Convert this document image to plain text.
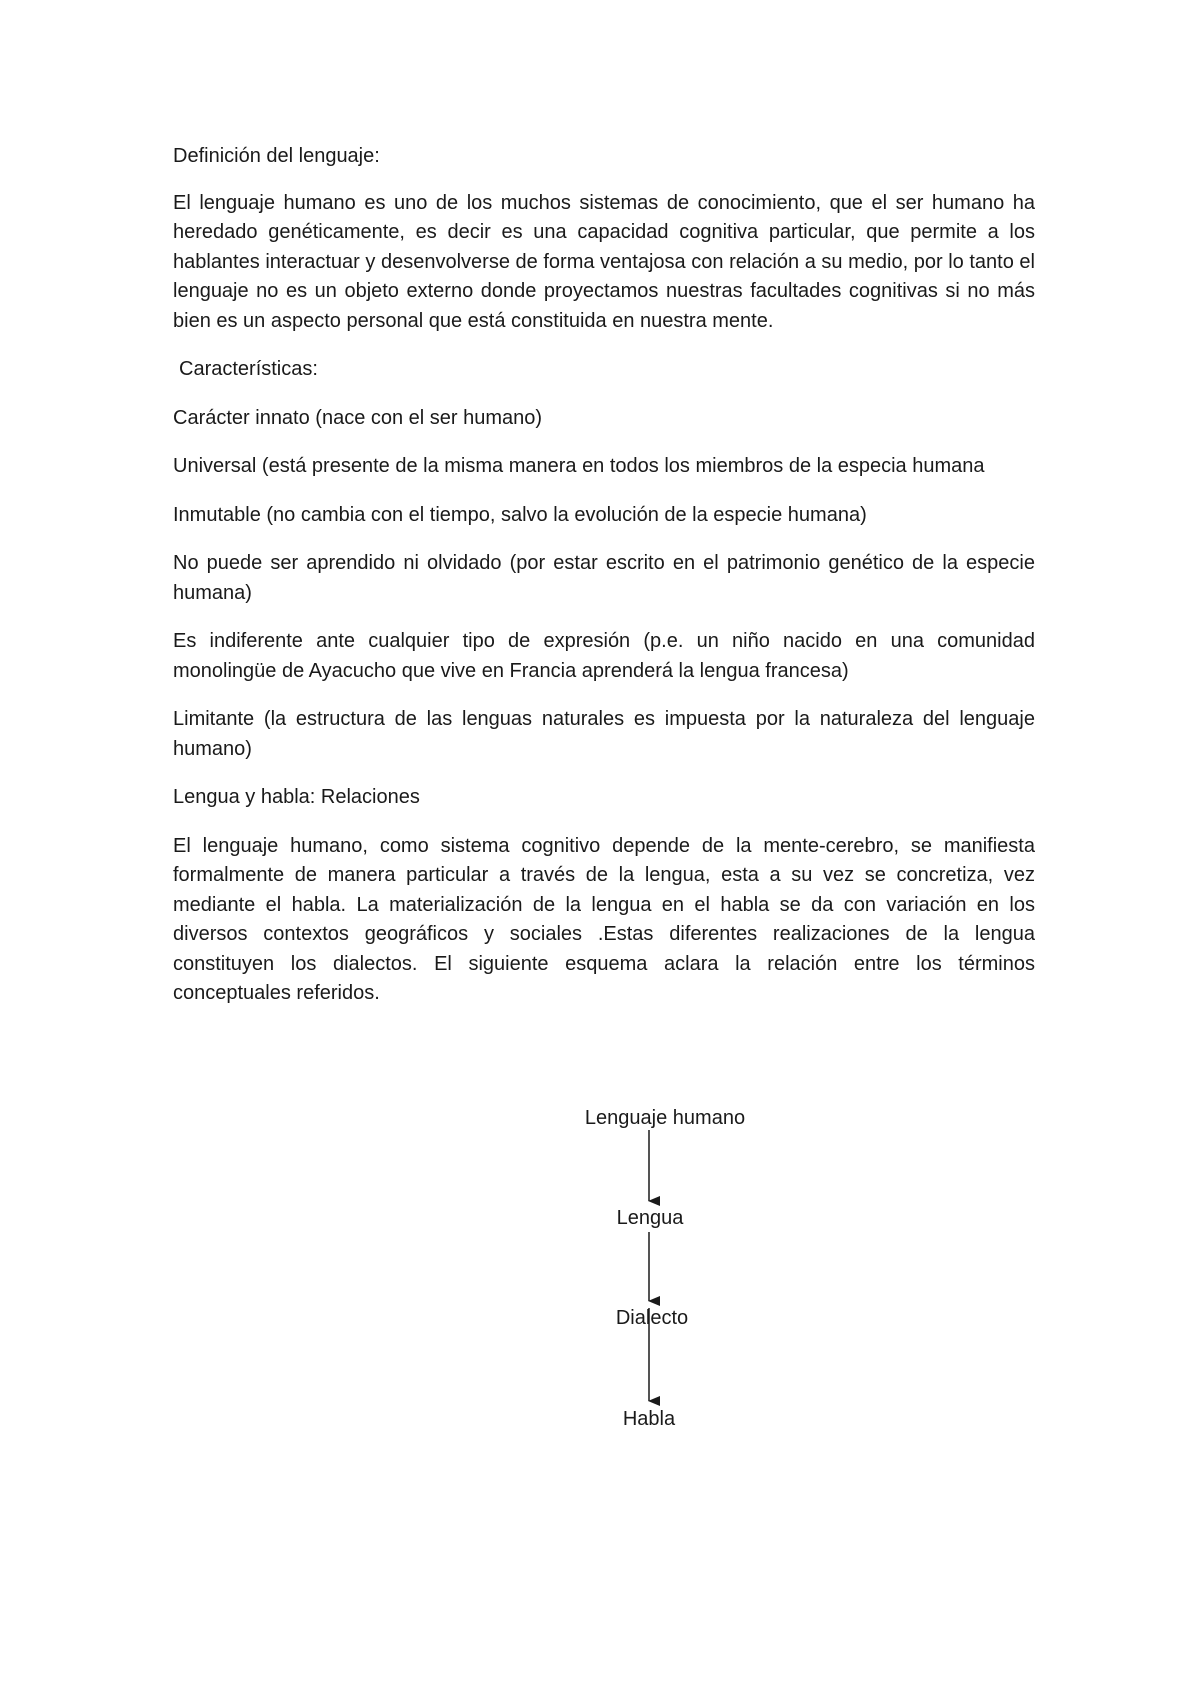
Definición del lenguaje:

El lenguaje humano es uno de los muchos sistemas de conocimiento, que el ser humano ha heredado genéticamente, es decir es una capacidad cognitiva particular, que permite a los hablantes interactuar y desenvolverse de forma ventajosa con relación a su medio, por lo tanto el lenguaje no es un objeto externo donde proyectamos nuestras facultades cognitivas si no más bien es un aspecto personal que está constituida en nuestra mente.

Características:

Carácter innato (nace con el ser humano)

Universal (está presente de la misma manera en todos los miembros de la especia humana

Inmutable (no cambia con el tiempo, salvo la evolución de la especie humana)

No puede ser aprendido ni olvidado (por estar escrito en el patrimonio genético de la especie humana)

Es indiferente ante cualquier tipo de expresión (p.e. un niño nacido en una comunidad monolingüe de Ayacucho que vive en Francia aprenderá la lengua francesa)

Limitante (la estructura de las lenguas naturales es impuesta por la naturaleza del lenguaje humano)

Lengua y habla: Relaciones

El lenguaje humano, como sistema cognitivo depende de la mente-cerebro, se manifiesta formalmente de manera particular a través de la lengua, esta a su vez se concretiza, vez mediante el habla. La materialización de la lengua en el habla se da con variación en los diversos contextos geográficos y sociales .Estas diferentes realizaciones de la lengua constituyen los dialectos. El siguiente esquema aclara la relación entre los términos conceptuales referidos.

Lenguaje humano
Lengua
Dialecto
Habla
